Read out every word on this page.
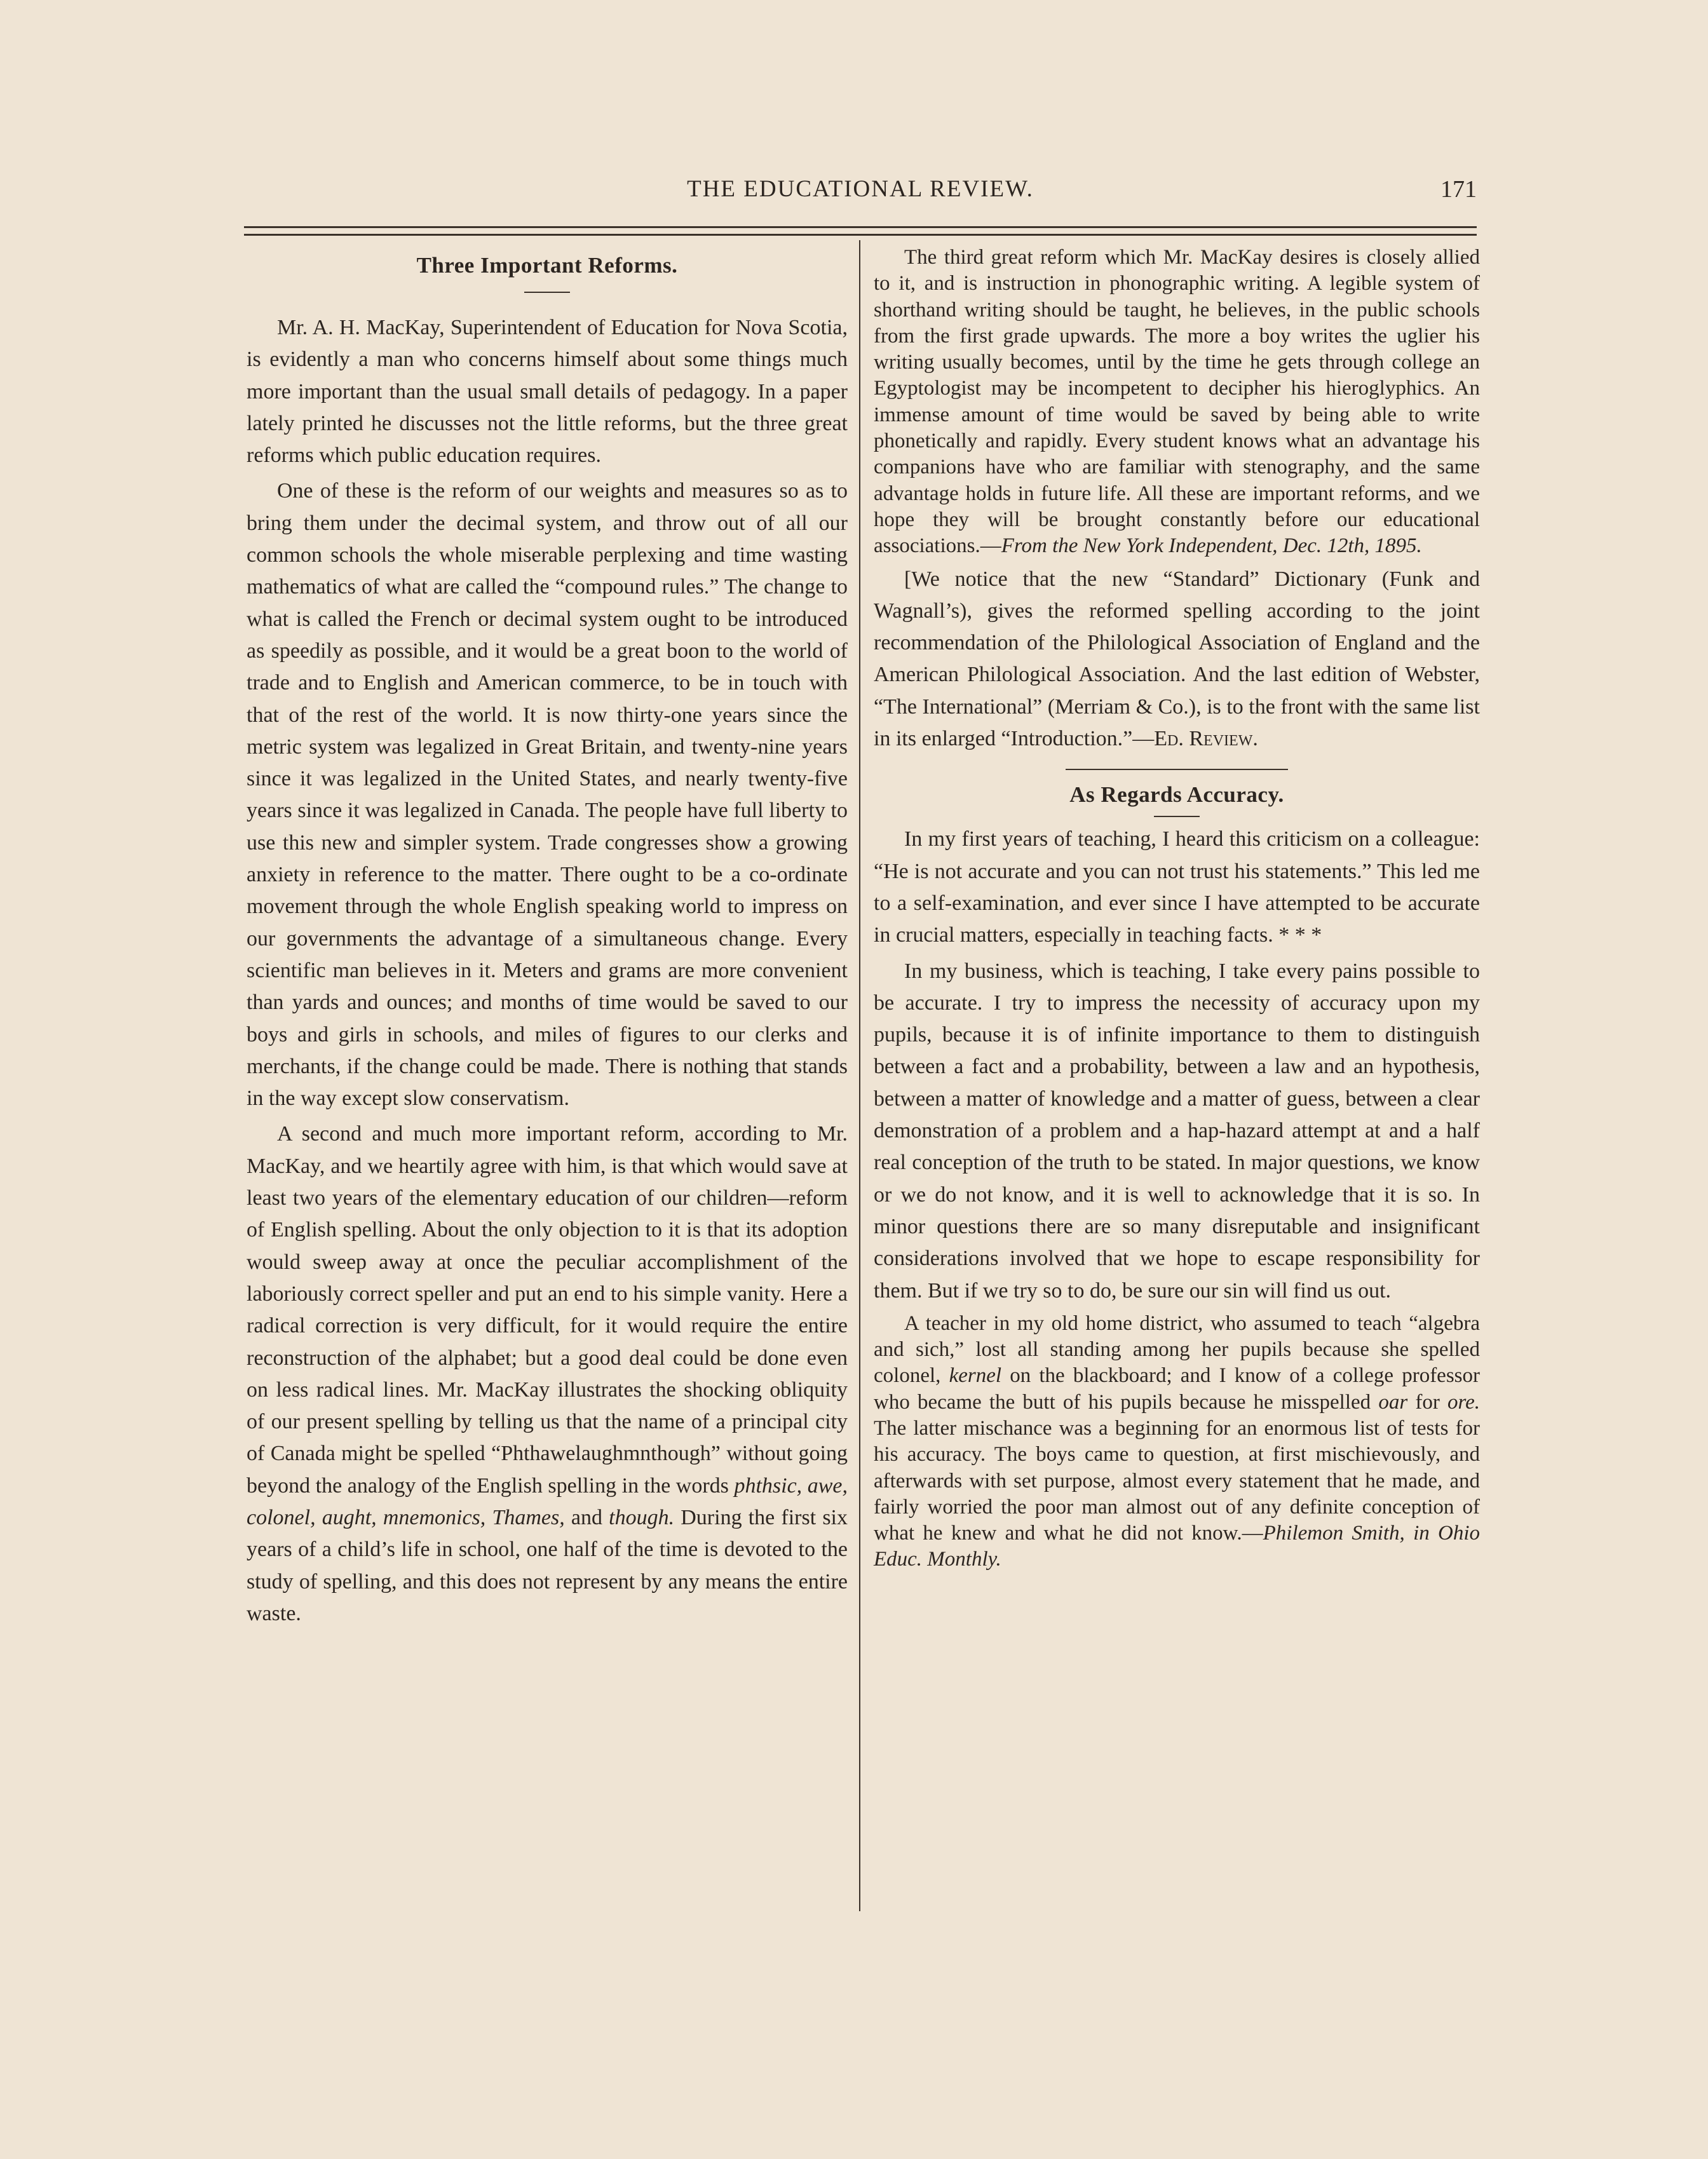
THE EDUCATIONAL REVIEW.	171
Three Important Reforms.

Mr. A. H. MacKay, Superintendent of Education for Nova Scotia, is evidently a man who concerns himself about some things much more important than the usual small details of pedagogy. In a paper lately printed he discusses not the little reforms, but the three great reforms which public education requires.

One of these is the reform of our weights and measures so as to bring them under the decimal system, and throw out of all our common schools the whole miserable perplexing and time wasting mathematics of what are called the “compound rules.” The change to what is called the French or decimal system ought to be introduced as speedily as possible, and it would be a great boon to the world of trade and to English and American commerce, to be in touch with that of the rest of the world. It is now thirty-one years since the metric system was legalized in Great Britain, and twenty-nine years since it was legalized in the United States, and nearly twenty-five years since it was legalized in Canada. The people have full liberty to use this new and simpler system. Trade congresses show a growing anxiety in reference to the matter. There ought to be a co-ordinate movement through the whole English speaking world to impress on our governments the advantage of a simultaneous change. Every scientific man believes in it. Meters and grams are more convenient than yards and ounces; and months of time would be saved to our boys and girls in schools, and miles of figures to our clerks and merchants, if the change could be made. There is nothing that stands in the way except slow conservatism.

A second and much more important reform, according to Mr. MacKay, and we heartily agree with him, is that which would save at least two years of the elementary education of our children—reform of English spelling. About the only objection to it is that its adoption would sweep away at once the peculiar accomplishment of the laboriously correct speller and put an end to his simple vanity. Here a radical correction is very difficult, for it would require the entire reconstruction of the alphabet; but a good deal could be done even on less radical lines. Mr. MacKay illustrates the shocking obliquity of our present spelling by telling us that the name of a principal city of Canada might be spelled “Phthawelaughmnthough” without going beyond the analogy of the English spelling in the words phthsic, awe, colonel, aught, mnemonics, Thames, and though. During the first six years of a child’s life in school, one half of the time is devoted to the study of spelling, and this does not represent by any means the entire waste.

The third great reform which Mr. MacKay desires is closely allied to it, and is instruction in phonographic writing. A legible system of shorthand writing should be taught, he believes, in the public schools from the first grade upwards. The more a boy writes the uglier his writing usually becomes, until by the time he gets through college an Egyptologist may be incompetent to decipher his hieroglyphics. An immense amount of time would be saved by being able to write phonetically and rapidly. Every student knows what an advantage his companions have who are familiar with stenography, and the same advantage holds in future life. All these are important reforms, and we hope they will be brought constantly before our educational associations.—From the New York Independent, Dec. 12th, 1895.

[We notice that the new “Standard” Dictionary (Funk and Wagnall’s), gives the reformed spelling according to the joint recommendation of the Philological Association of England and the American Philological Association. And the last edition of Webster, “The International” (Merriam & Co.), is to the front with the same list in its enlarged “Introduction.”—Ed. Review.

As Regards Accuracy.

In my first years of teaching, I heard this criticism on a colleague: “He is not accurate and you can not trust his statements.” This led me to a self-examination, and ever since I have attempted to be accurate in crucial matters, especially in teaching facts. * * *

In my business, which is teaching, I take every pains possible to be accurate. I try to impress the necessity of accuracy upon my pupils, because it is of infinite importance to them to distinguish between a fact and a probability, between a law and an hypothesis, between a matter of knowledge and a matter of guess, between a clear demonstration of a problem and a hap-hazard attempt at and a half real conception of the truth to be stated. In major questions, we know or we do not know, and it is well to acknowledge that it is so. In minor questions there are so many disreputable and insignificant considerations involved that we hope to escape responsibility for them. But if we try so to do, be sure our sin will find us out.

A teacher in my old home district, who assumed to teach “algebra and sich,” lost all standing among her pupils because she spelled colonel, kernel on the blackboard; and I know of a college professor who became the butt of his pupils because he misspelled oar for ore. The latter mischance was a beginning for an enormous list of tests for his accuracy. The boys came to question, at first mischievously, and afterwards with set purpose, almost every statement that he made, and fairly worried the poor man almost out of any definite conception of what he knew and what he did not know.—Philemon Smith, in Ohio Educ. Monthly.
